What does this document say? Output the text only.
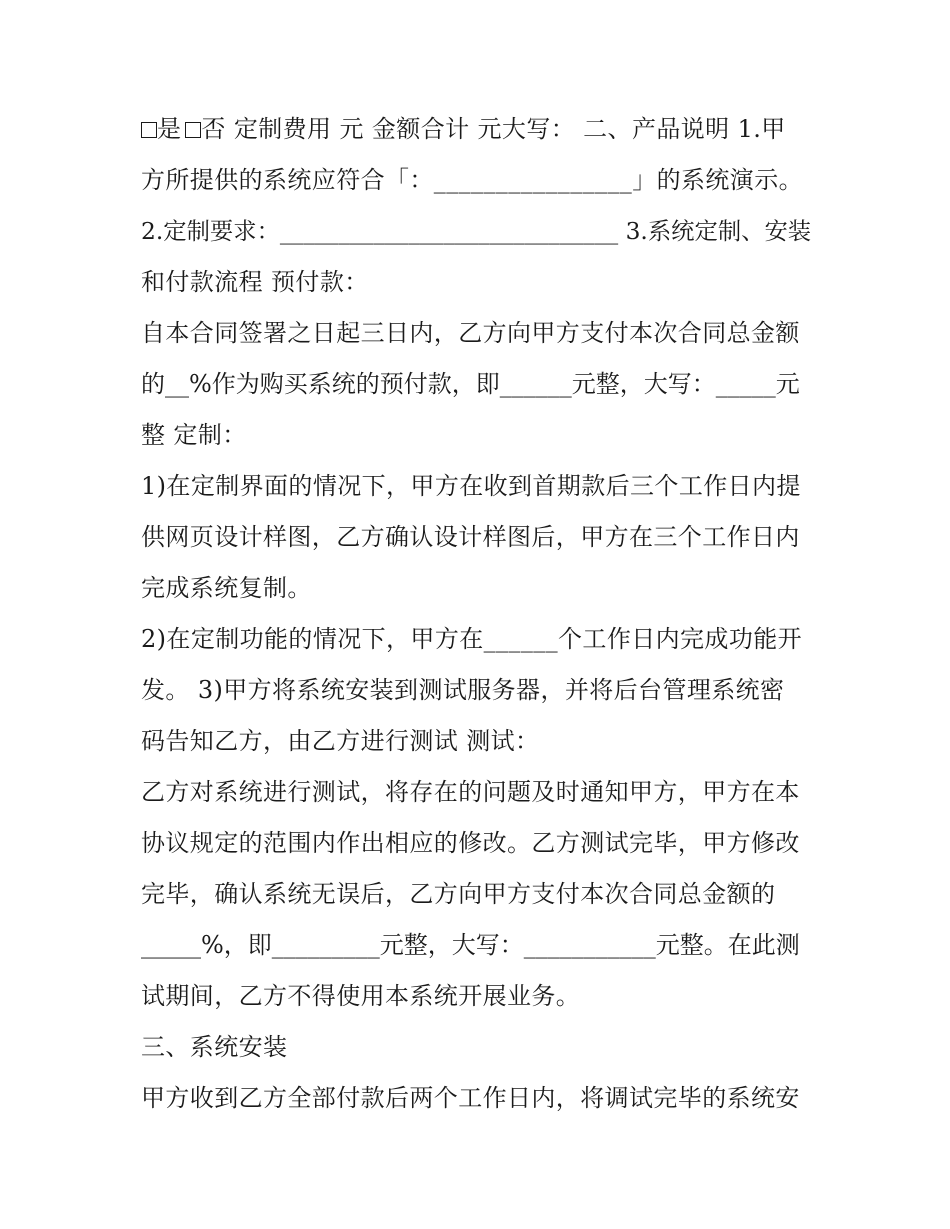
是 否 定制费用 元 金额合计 元大写： 二、产品说明 1.甲
方所提供的系统应符合「：________________」的系统演示。
2.定制要求：_____________________________ 3.系统定制、安装
和付款流程 预付款：
自本合同签署之日起三日内，乙方向甲方支付本次合同总金额
的__%作为购买系统的预付款，即______元整，大写：_____元
整 定制：
1)在定制界面的情况下，甲方在收到首期款后三个工作日内提
供网页设计样图，乙方确认设计样图后，甲方在三个工作日内
完成系统复制。
2)在定制功能的情况下，甲方在______个工作日内完成功能开
发。 3)甲方将系统安装到测试服务器，并将后台管理系统密
码告知乙方，由乙方进行测试 测试：
乙方对系统进行测试，将存在的问题及时通知甲方，甲方在本
协议规定的范围内作出相应的修改。乙方测试完毕，甲方修改
完毕，确认系统无误后，乙方向甲方支付本次合同总金额的
_____%，即_________元整，大写：___________元整。在此测
试期间，乙方不得使用本系统开展业务。
三、系统安装
甲方收到乙方全部付款后两个工作日内，将调试完毕的系统安
